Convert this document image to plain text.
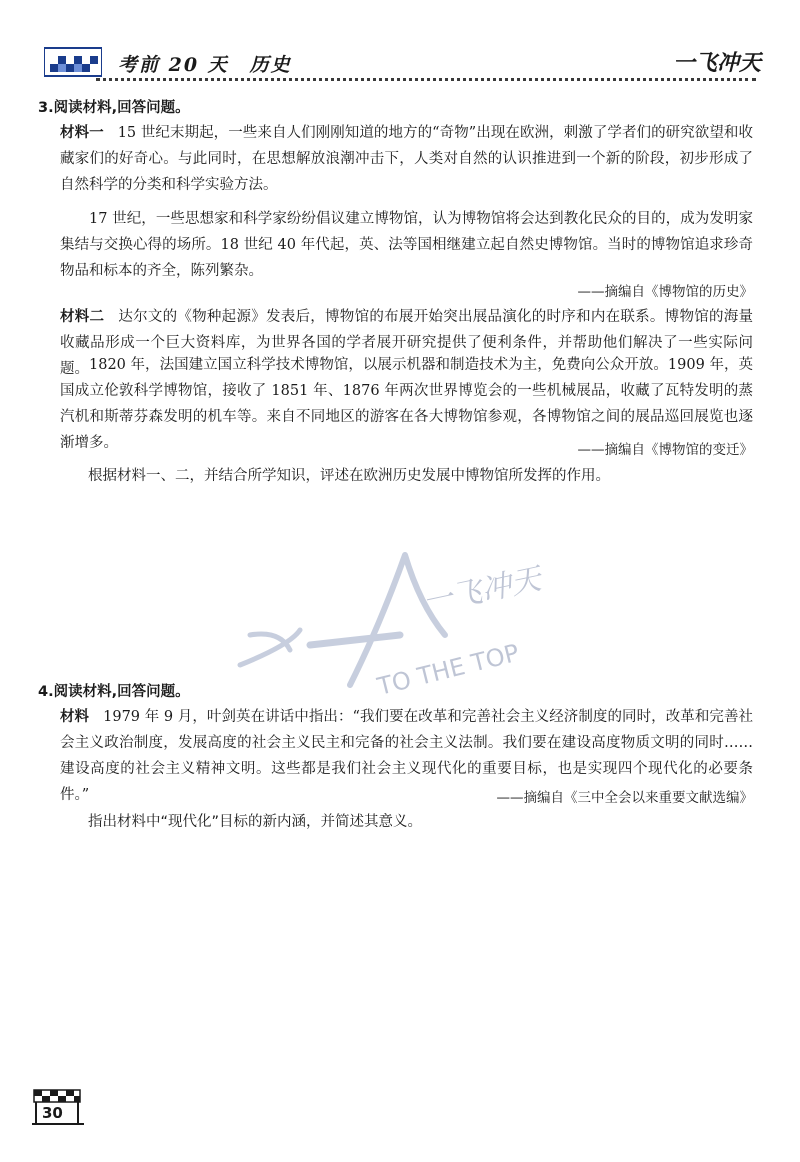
考前 20 天　历史	一飞冲天
3.阅读材料,回答问题。
材料一 15 世纪末期起，一些来自人们刚刚知道的地方的“奇物”出现在欧洲，刺激了学者们的研究欲望和收藏家们的好奇心。与此同时，在思想解放浪潮冲击下，人类对自然的认识推进到一个新的阶段，初步形成了自然科学的分类和科学实验方法。
17 世纪，一些思想家和科学家纷纷倡议建立博物馆，认为博物馆将会达到教化民众的目的，成为发明家集结与交换心得的场所。18 世纪 40 年代起，英、法等国相继建立起自然史博物馆。当时的博物馆追求珍奇物品和标本的齐全，陈列繁杂。
——摘编自《博物馆的历史》
材料二 达尔文的《物种起源》发表后，博物馆的布展开始突出展品演化的时序和内在联系。博物馆的海量收藏品形成一个巨大资料库，为世界各国的学者展开研究提供了便利条件，并帮助他们解决了一些实际问题。 1820 年，法国建立国立科学技术博物馆，以展示机器和制造技术为主，免费向公众开放。1909 年，英国成立伦敦科学博物馆，接收了 1851 年、1876 年两次世界博览会的一些机械展品，收藏了瓦特发明的蒸汽机和斯蒂芬森发明的机车等。来自不同地区的游客在各大博物馆参观，各博物馆之间的展品巡回展览也逐渐增多。	——摘编自《博物馆的变迁》
根据材料一、二，并结合所学知识，评述在欧洲历史发展中博物馆所发挥的作用。
一飞冲天
TO THE TOP
4.阅读材料,回答问题。
材料 1979 年 9 月，叶剑英在讲话中指出：“我们要在改革和完善社会主义经济制度的同时，改革和完善社会主义政治制度，发展高度的社会主义民主和完备的社会主义法制。我们要在建设高度物质文明的同时……建设高度的社会主义精神文明。这些都是我们社会主义现代化的重要目标，也是实现四个现代化的必要条件。”	——摘编自《三中全会以来重要文献选编》
指出材料中“现代化”目标的新内涵，并简述其意义。
30
